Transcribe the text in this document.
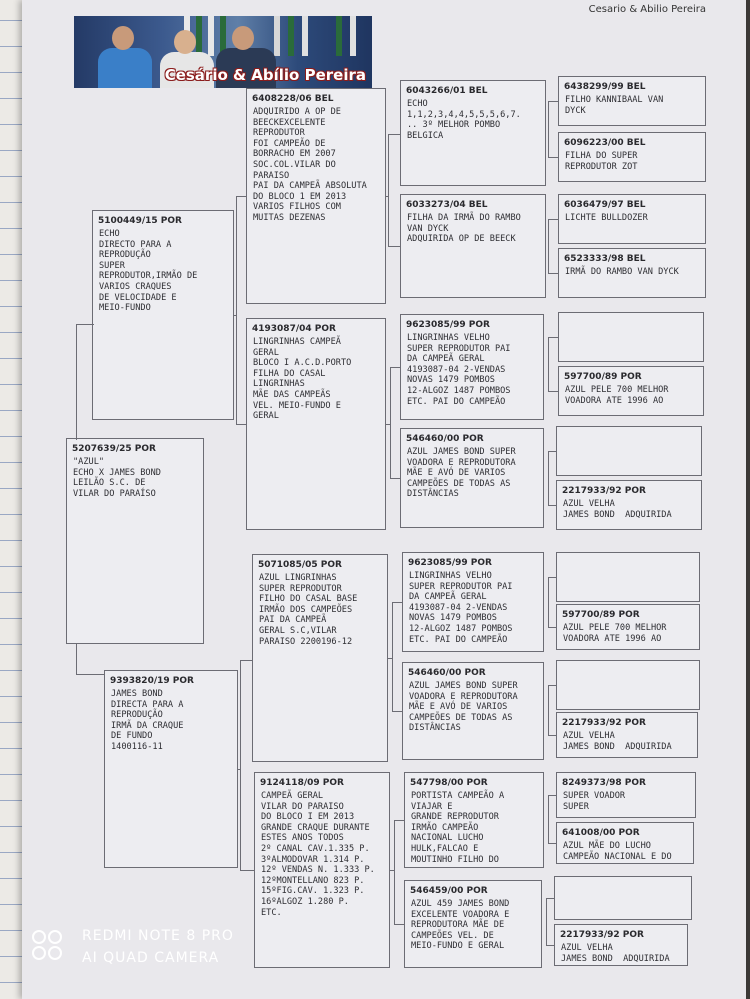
Cesário & Abílio Pereira
Cesario & Abilio Pereira
5207639/25 POR
"AZUL"
ECHO X JAMES BOND
LEILÃO S.C. DE
VILAR DO PARAÍSO
5100449/15 POR
ECHO
DIRECTO PARA A
REPRODUÇÃO
SUPER
REPRODUTOR,IRMÃO DE
VARIOS CRAQUES
DE VELOCIDADE E
MEIO-FUNDO
9393820/19 POR
JAMES BOND
DIRECTA PARA A
REPRODUÇÃO
IRMÃ DA CRAQUE
DE FUNDO
1400116-11
6408228/06 BEL
ADQUIRIDO A OP DE
BEECKEXCELENTE
REPRODUTOR
FOI CAMPEÃO DE
BORRACHO EM 2007
SOC.COL.VILAR DO
PARAISO
PAI DA CAMPEÃ ABSOLUTA
DO BLOCO 1 EM 2013
VARIOS FILHOS COM
MUITAS DEZENAS
4193087/04 POR
LINGRINHAS CAMPEÃ
GERAL
BLOCO I A.C.D.PORTO
FILHA DO CASAL
LINGRINHAS
MÃE DAS CAMPEÃS
VEL. MEIO-FUNDO E
GERAL
5071085/05 POR
AZUL LINGRINHAS
SUPER REPRODUTOR
FILHO DO CASAL BASE
IRMÃO DOS CAMPEÕES
PAI DA CAMPEÃ
GERAL S.C,VILAR
PARAISO 2200196-12
9124118/09 POR
CAMPEÃ GERAL
VILAR DO PARAISO
DO BLOCO I EM 2013
GRANDE CRAQUE DURANTE
ESTES ANOS TODOS
2º CANAL CAV.1.335 P.
3ºALMODOVAR 1.314 P.
12º VENDAS N. 1.333 P.
12ºMONTELLANO 823 P.
15ºFIG.CAV. 1.323 P.
16ºALGOZ 1.280 P.
ETC.
6043266/01 BEL
ECHO
1,1,2,3,4,4,5,5,5,6,7.
.. 3º MELHOR POMBO
BELGICA
6033273/04 BEL
FILHA DA IRMÃ DO RAMBO
VAN DYCK
ADQUIRIDA OP DE BEECK
9623085/99 POR
LINGRINHAS VELHO
SUPER REPRODUTOR PAI
DA CAMPEÃ GERAL
4193087-04 2-VENDAS
NOVAS 1479 POMBOS
12-ALGOZ 1487 POMBOS
ETC. PAI DO CAMPEÃO
546460/00 POR
AZUL JAMES BOND SUPER
VOADORA E REPRODUTORA
MÃE E AVÓ DE VARIOS
CAMPEÕES DE TODAS AS
DISTÂNCIAS
9623085/99 POR
LINGRINHAS VELHO
SUPER REPRODUTOR PAI
DA CAMPEÃ GERAL
4193087-04 2-VENDAS
NOVAS 1479 POMBOS
12-ALGOZ 1487 POMBOS
ETC. PAI DO CAMPEÃO
546460/00 POR
AZUL JAMES BOND SUPER
VOADORA E REPRODUTORA
MÃE E AVÓ DE VARIOS
CAMPEÕES DE TODAS AS
DISTÂNCIAS
547798/00 POR
PORTISTA CAMPEÃO A
VIAJAR E
GRANDE REPRODUTOR
IRMÃO CAMPEÃO
NACIONAL LUCHO
HULK,FALCAO E
MOUTINHO FILHO DO
546459/00 POR
AZUL 459 JAMES BOND
EXCELENTE VOADORA E
REPRODUTORA MÃE DE
CAMPEÕES VEL. DE
MEIO-FUNDO E GERAL
6438299/99 BEL
FILHO KANNIBAAL VAN
DYCK
6096223/00 BEL
FILHA DO SUPER
REPRODUTOR ZOT
6036479/97 BEL
LICHTE BULLDOZER
6523333/98 BEL
IRMÃ DO RAMBO VAN DYCK
597700/89 POR
AZUL PELE 700 MELHOR
VOADORA ATE 1996 AO
2217933/92 POR
AZUL VELHA
JAMES BOND  ADQUIRIDA
597700/89 POR
AZUL PELE 700 MELHOR
VOADORA ATE 1996 AO
2217933/92 POR
AZUL VELHA
JAMES BOND  ADQUIRIDA
8249373/98 POR
SUPER VOADOR
SUPER
641008/00 POR
AZUL MÃE DO LUCHO
CAMPEÃO NACIONAL E DO
2217933/92 POR
AZUL VELHA
JAMES BOND  ADQUIRIDA
REDMI NOTE 8 PRO
AI QUAD CAMERA
